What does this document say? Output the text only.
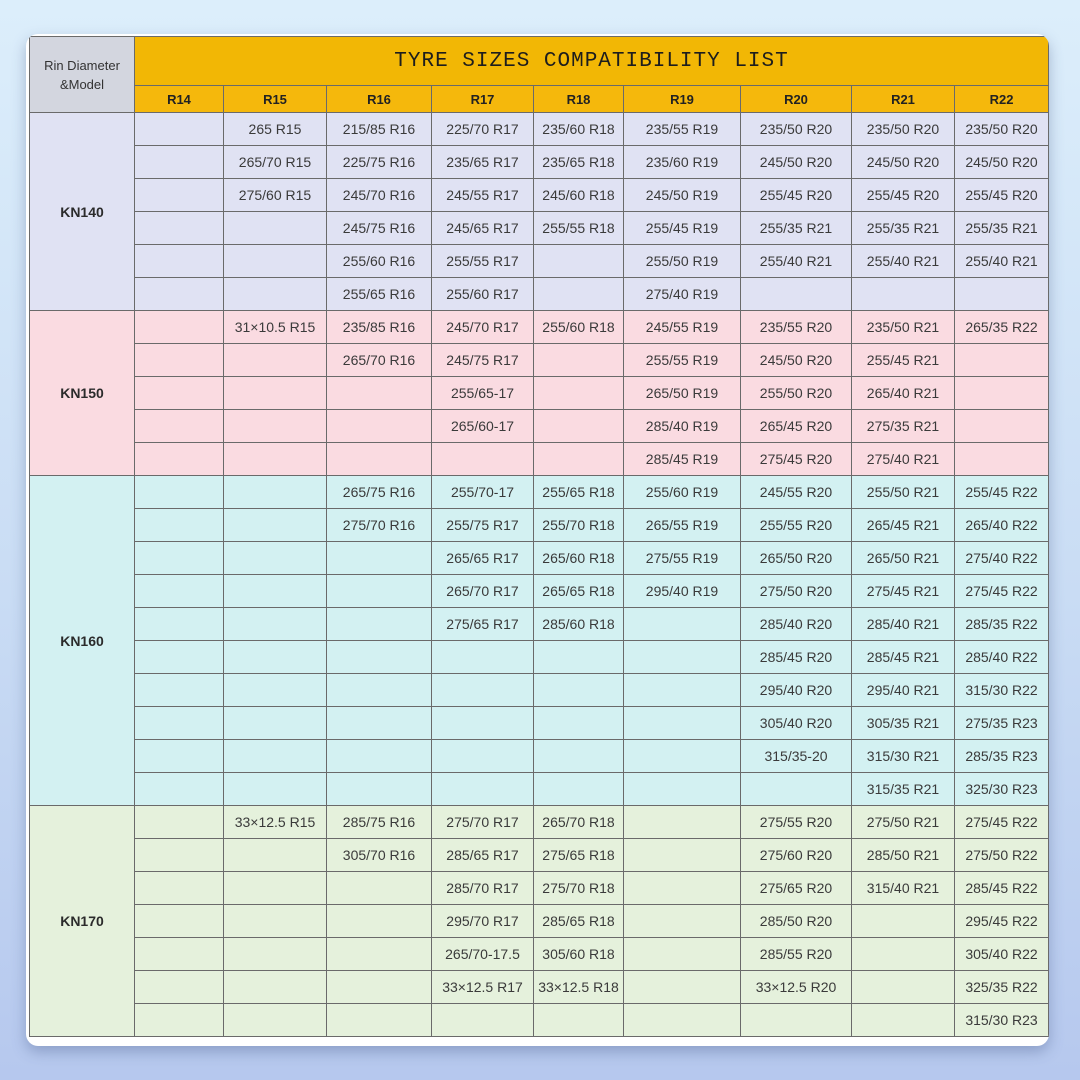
Rin Diameter
&Model	TYRE SIZES COMPATIBILITY LIST								
	R14	R15	R16	R17	R18	R19	R20	R21	R22
KN140		265 R15	215/85 R16	225/70 R17	235/60 R18	235/55 R19	235/50 R20	235/50 R20	235/50 R20
		265/70 R15	225/75 R16	235/65 R17	235/65 R18	235/60 R19	245/50 R20	245/50 R20	245/50 R20
		275/60 R15	245/70 R16	245/55 R17	245/60 R18	245/50 R19	255/45 R20	255/45 R20	255/45 R20
			245/75 R16	245/65 R17	255/55 R18	255/45 R19	255/35 R21	255/35 R21	255/35 R21
			255/60 R16	255/55 R17		255/50 R19	255/40 R21	255/40 R21	255/40 R21
			255/65 R16	255/60 R17		275/40 R19			
KN150		31×10.5 R15	235/85 R16	245/70 R17	255/60 R18	245/55 R19	235/55 R20	235/50 R21	265/35 R22
			265/70 R16	245/75 R17		255/55 R19	245/50 R20	255/45 R21	
				255/65-17		265/50 R19	255/50 R20	265/40 R21	
				265/60-17		285/40 R19	265/45 R20	275/35 R21	
						285/45 R19	275/45 R20	275/40 R21	
KN160			265/75 R16	255/70-17	255/65 R18	255/60 R19	245/55 R20	255/50 R21	255/45 R22
			275/70 R16	255/75 R17	255/70 R18	265/55 R19	255/55 R20	265/45 R21	265/40 R22
				265/65 R17	265/60 R18	275/55 R19	265/50 R20	265/50 R21	275/40 R22
				265/70 R17	265/65 R18	295/40 R19	275/50 R20	275/45 R21	275/45 R22
				275/65 R17	285/60 R18		285/40 R20	285/40 R21	285/35 R22
							285/45 R20	285/45 R21	285/40 R22
							295/40 R20	295/40 R21	315/30 R22
							305/40 R20	305/35 R21	275/35 R23
							315/35-20	315/30 R21	285/35 R23
								315/35 R21	325/30 R23
KN170		33×12.5 R15	285/75 R16	275/70 R17	265/70 R18		275/55 R20	275/50 R21	275/45 R22
			305/70 R16	285/65 R17	275/65 R18		275/60 R20	285/50 R21	275/50 R22
				285/70 R17	275/70 R18		275/65 R20	315/40 R21	285/45 R22
				295/70 R17	285/65 R18		285/50 R20		295/45 R22
				265/70-17.5	305/60 R18		285/55 R20		305/40 R22
				33×12.5 R17	33×12.5 R18		33×12.5 R20		325/35 R22
									315/30 R23
